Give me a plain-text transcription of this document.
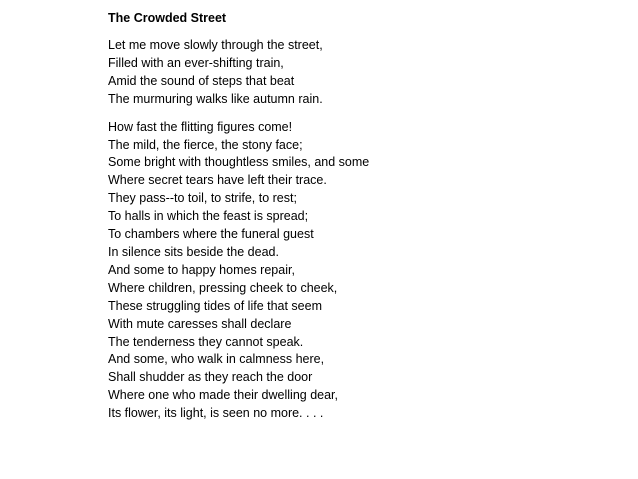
The Crowded Street
Let me move slowly through the street,
Filled with an ever-shifting train,
Amid the sound of steps that beat
The murmuring walks like autumn rain.
How fast the flitting figures come!
The mild, the fierce, the stony face;
Some bright with thoughtless smiles, and some
Where secret tears have left their trace.
They pass--to toil, to strife, to rest;
To halls in which the feast is spread;
To chambers where the funeral guest
In silence sits beside the dead.
And some to happy homes repair,
Where children, pressing cheek to cheek,
These struggling tides of life that seem
With mute caresses shall declare
The tenderness they cannot speak.
And some, who walk in calmness here,
Shall shudder as they reach the door
Where one who made their dwelling dear,
Its flower, its light, is seen no more. . . .
